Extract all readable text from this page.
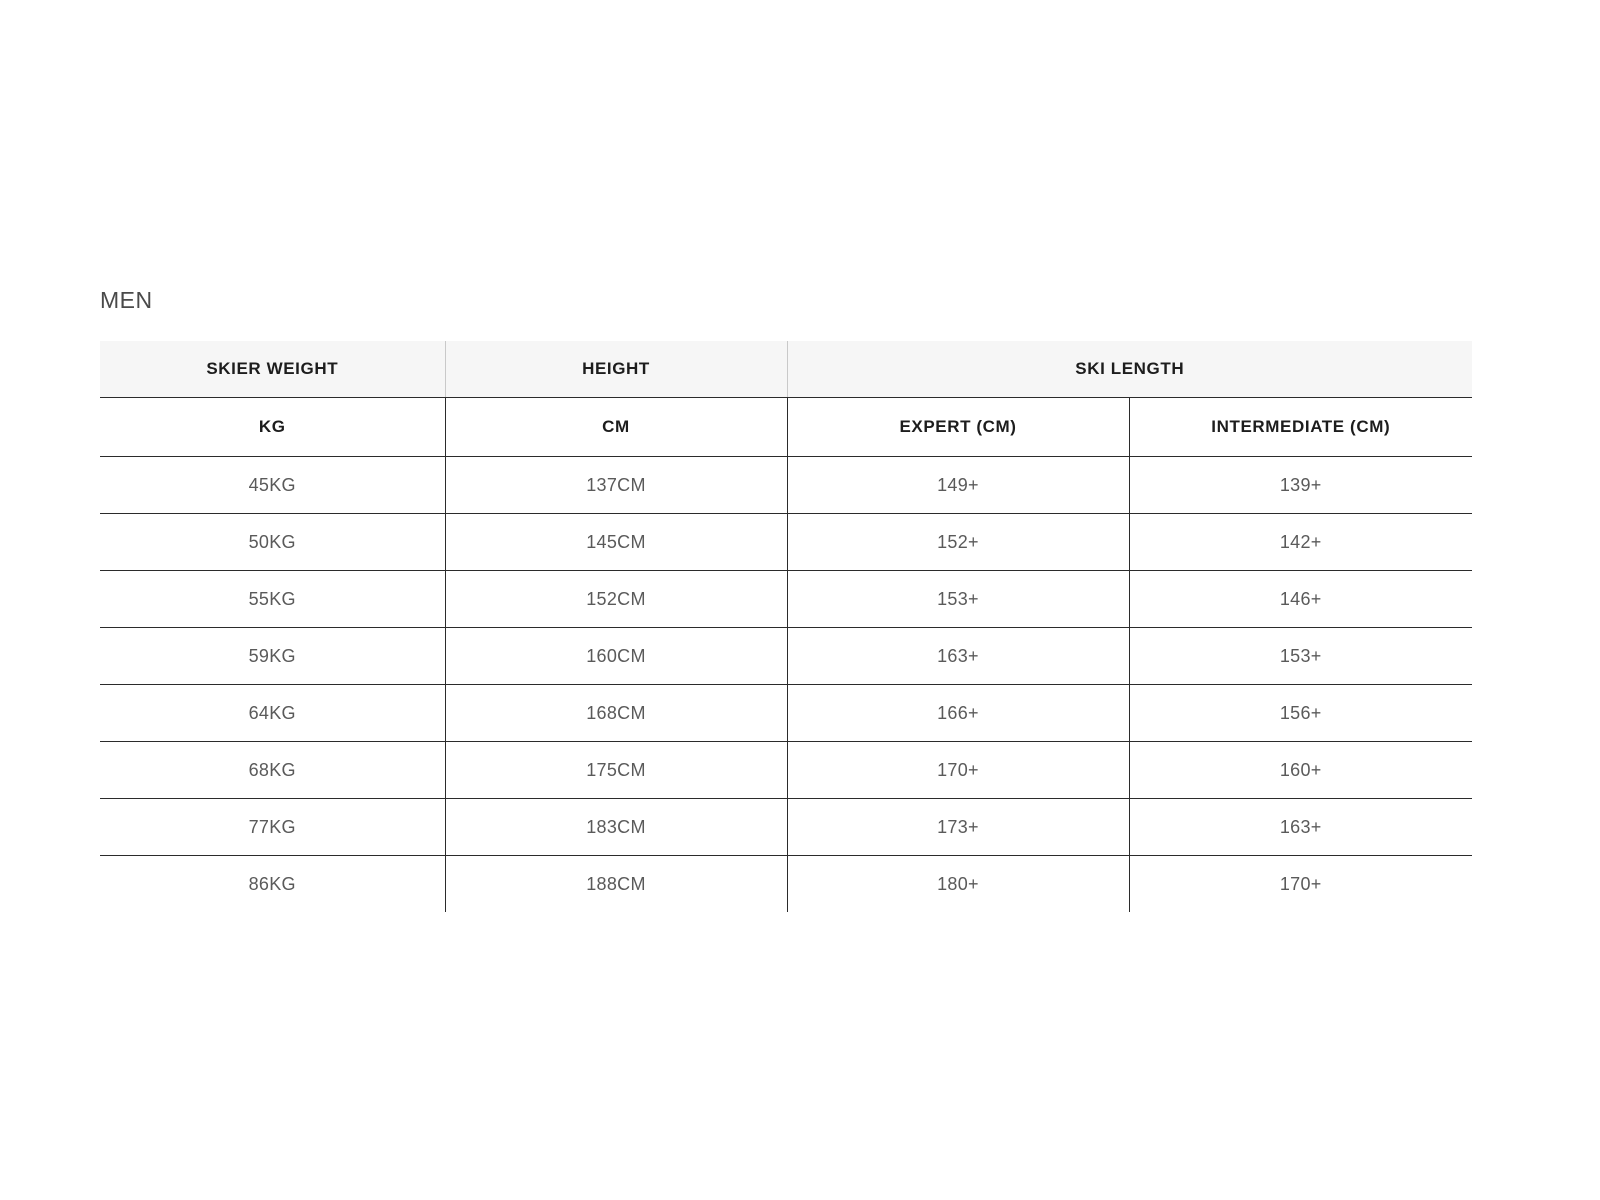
MEN
SKIER WEIGHT	HEIGHT	SKI LENGTH	
KG	CM	EXPERT (CM)	INTERMEDIATE (CM)
45KG	137CM	149+	139+
50KG	145CM	152+	142+
55KG	152CM	153+	146+
59KG	160CM	163+	153+
64KG	168CM	166+	156+
68KG	175CM	170+	160+
77KG	183CM	173+	163+
86KG	188CM	180+	170+
